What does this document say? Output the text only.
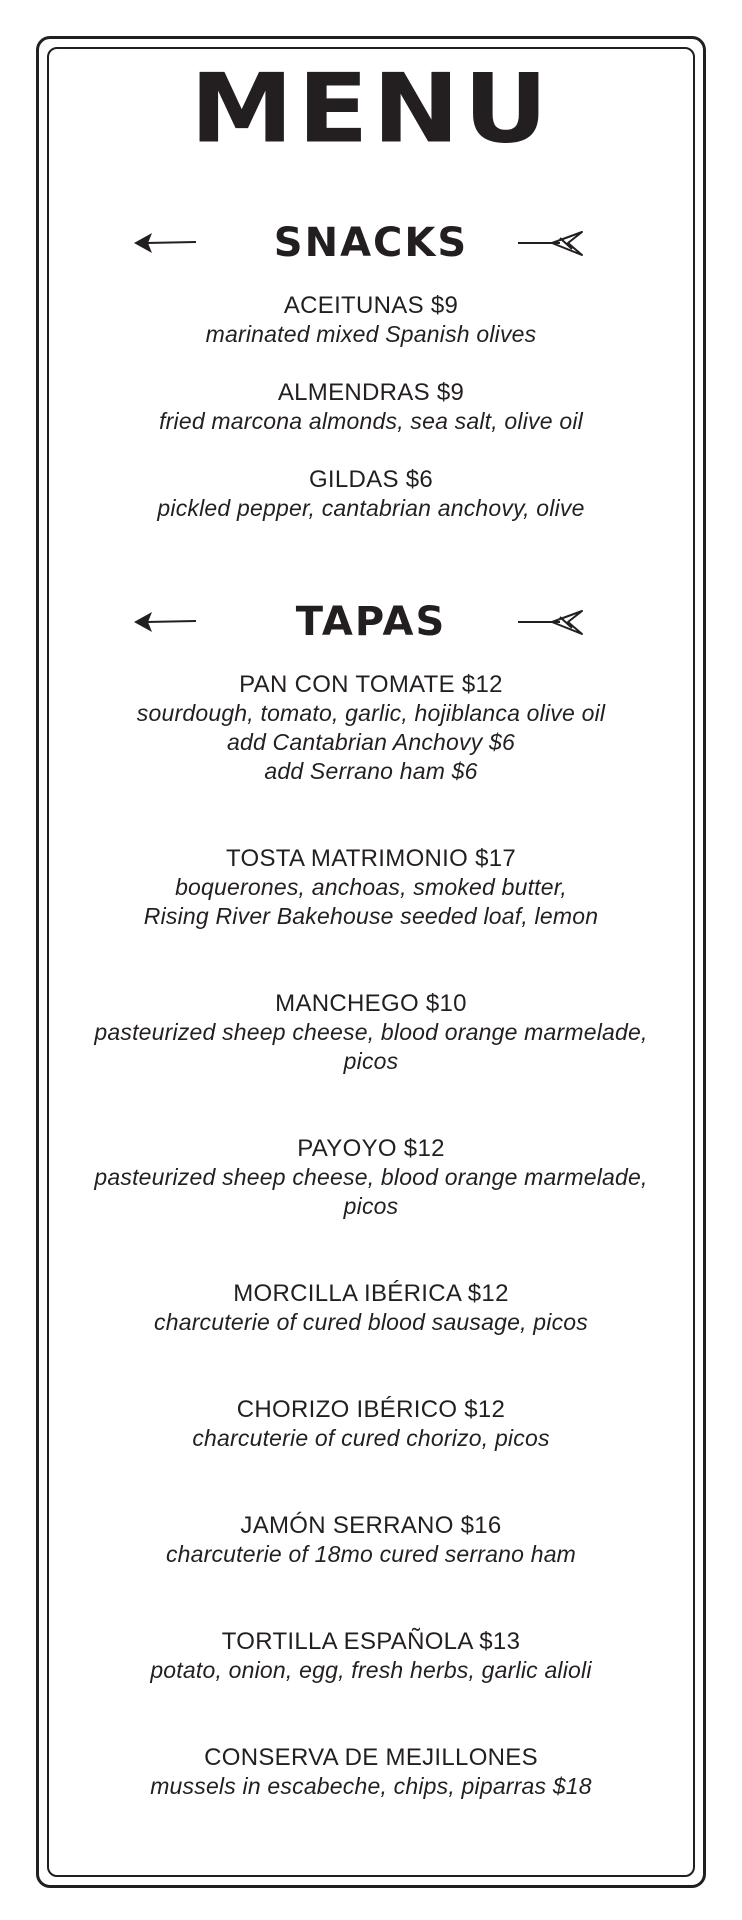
MENU
SNACKS
ACEITUNAS $9
marinated mixed Spanish olives
ALMENDRAS $9
fried marcona almonds, sea salt, olive oil
GILDAS $6
pickled pepper, cantabrian anchovy, olive
TAPAS
PAN CON TOMATE $12
sourdough, tomato, garlic, hojiblanca olive oil
add Cantabrian Anchovy $6
add Serrano ham $6
TOSTA MATRIMONIO $17
boquerones, anchoas, smoked butter,
Rising River Bakehouse seeded loaf, lemon
MANCHEGO $10
pasteurized sheep cheese, blood orange marmelade,
picos
PAYOYO $12
pasteurized sheep cheese, blood orange marmelade,
picos
MORCILLA IBÉRICA $12
charcuterie of cured blood sausage, picos
CHORIZO IBÉRICO $12
charcuterie of cured chorizo, picos
JAMÓN SERRANO $16
charcuterie of 18mo cured serrano ham
TORTILLA ESPAÑOLA $13
potato, onion, egg, fresh herbs, garlic alioli
CONSERVA DE MEJILLONES
mussels in escabeche, chips, piparras $18
